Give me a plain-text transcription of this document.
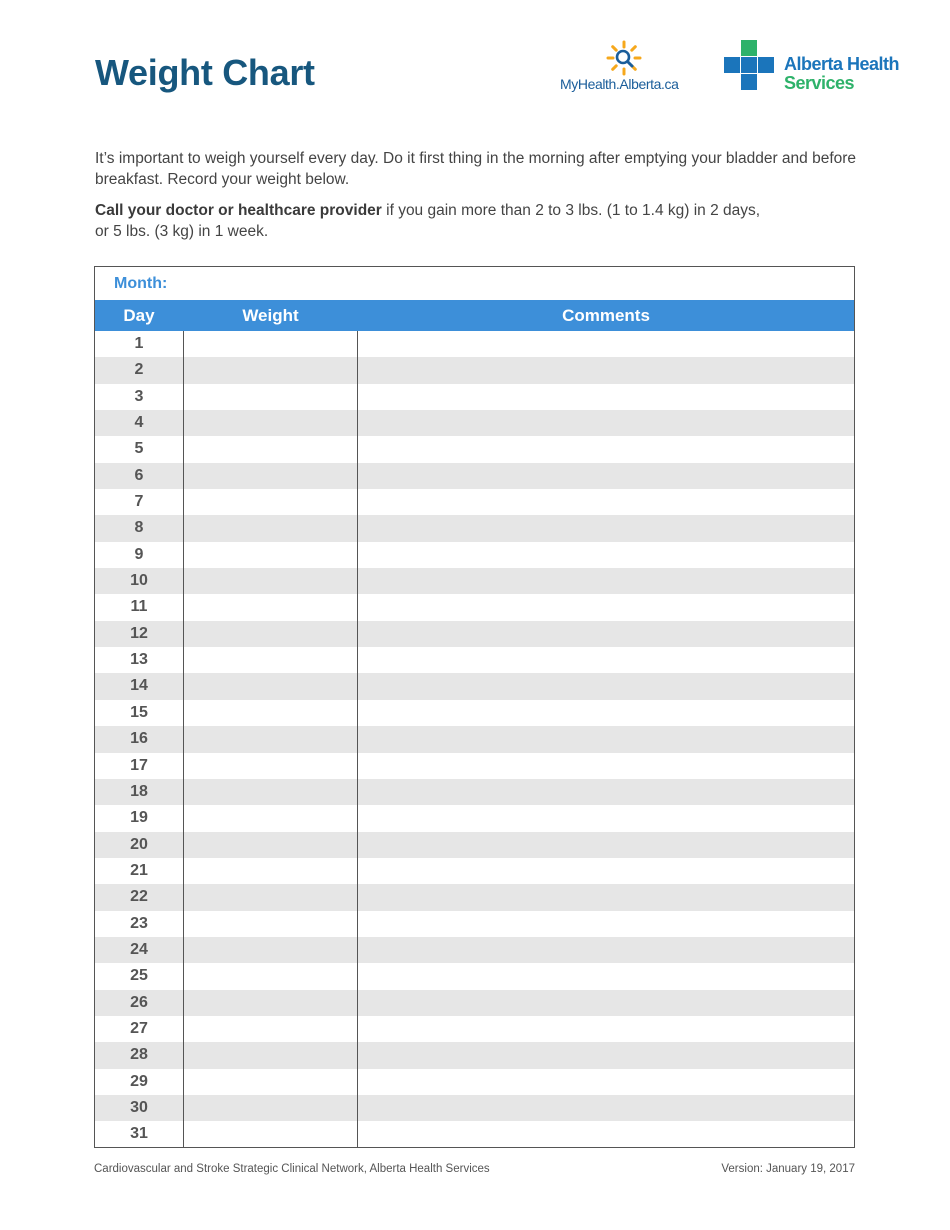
Weight Chart	MyHealth.Alberta.ca
Alberta Health
Services

It’s important to weigh yourself every day. Do it first thing in the morning after emptying your bladder and before breakfast. Record your weight below.

Call your doctor or healthcare provider if you gain more than 2 to 3 lbs. (1 to 1.4 kg) in 2 days,
or 5 lbs. (3 kg) in 1 week.

Month:
Day	Weight	Comments
1
2
3
4
5
6
7
8
9
10
11
12
13
14
15
16
17
18
19
20
21
22
23
24
25
26
27
28
29
30
31
Cardiovascular and Stroke Strategic Clinical Network, Alberta Health Services	Version: January 19, 2017
